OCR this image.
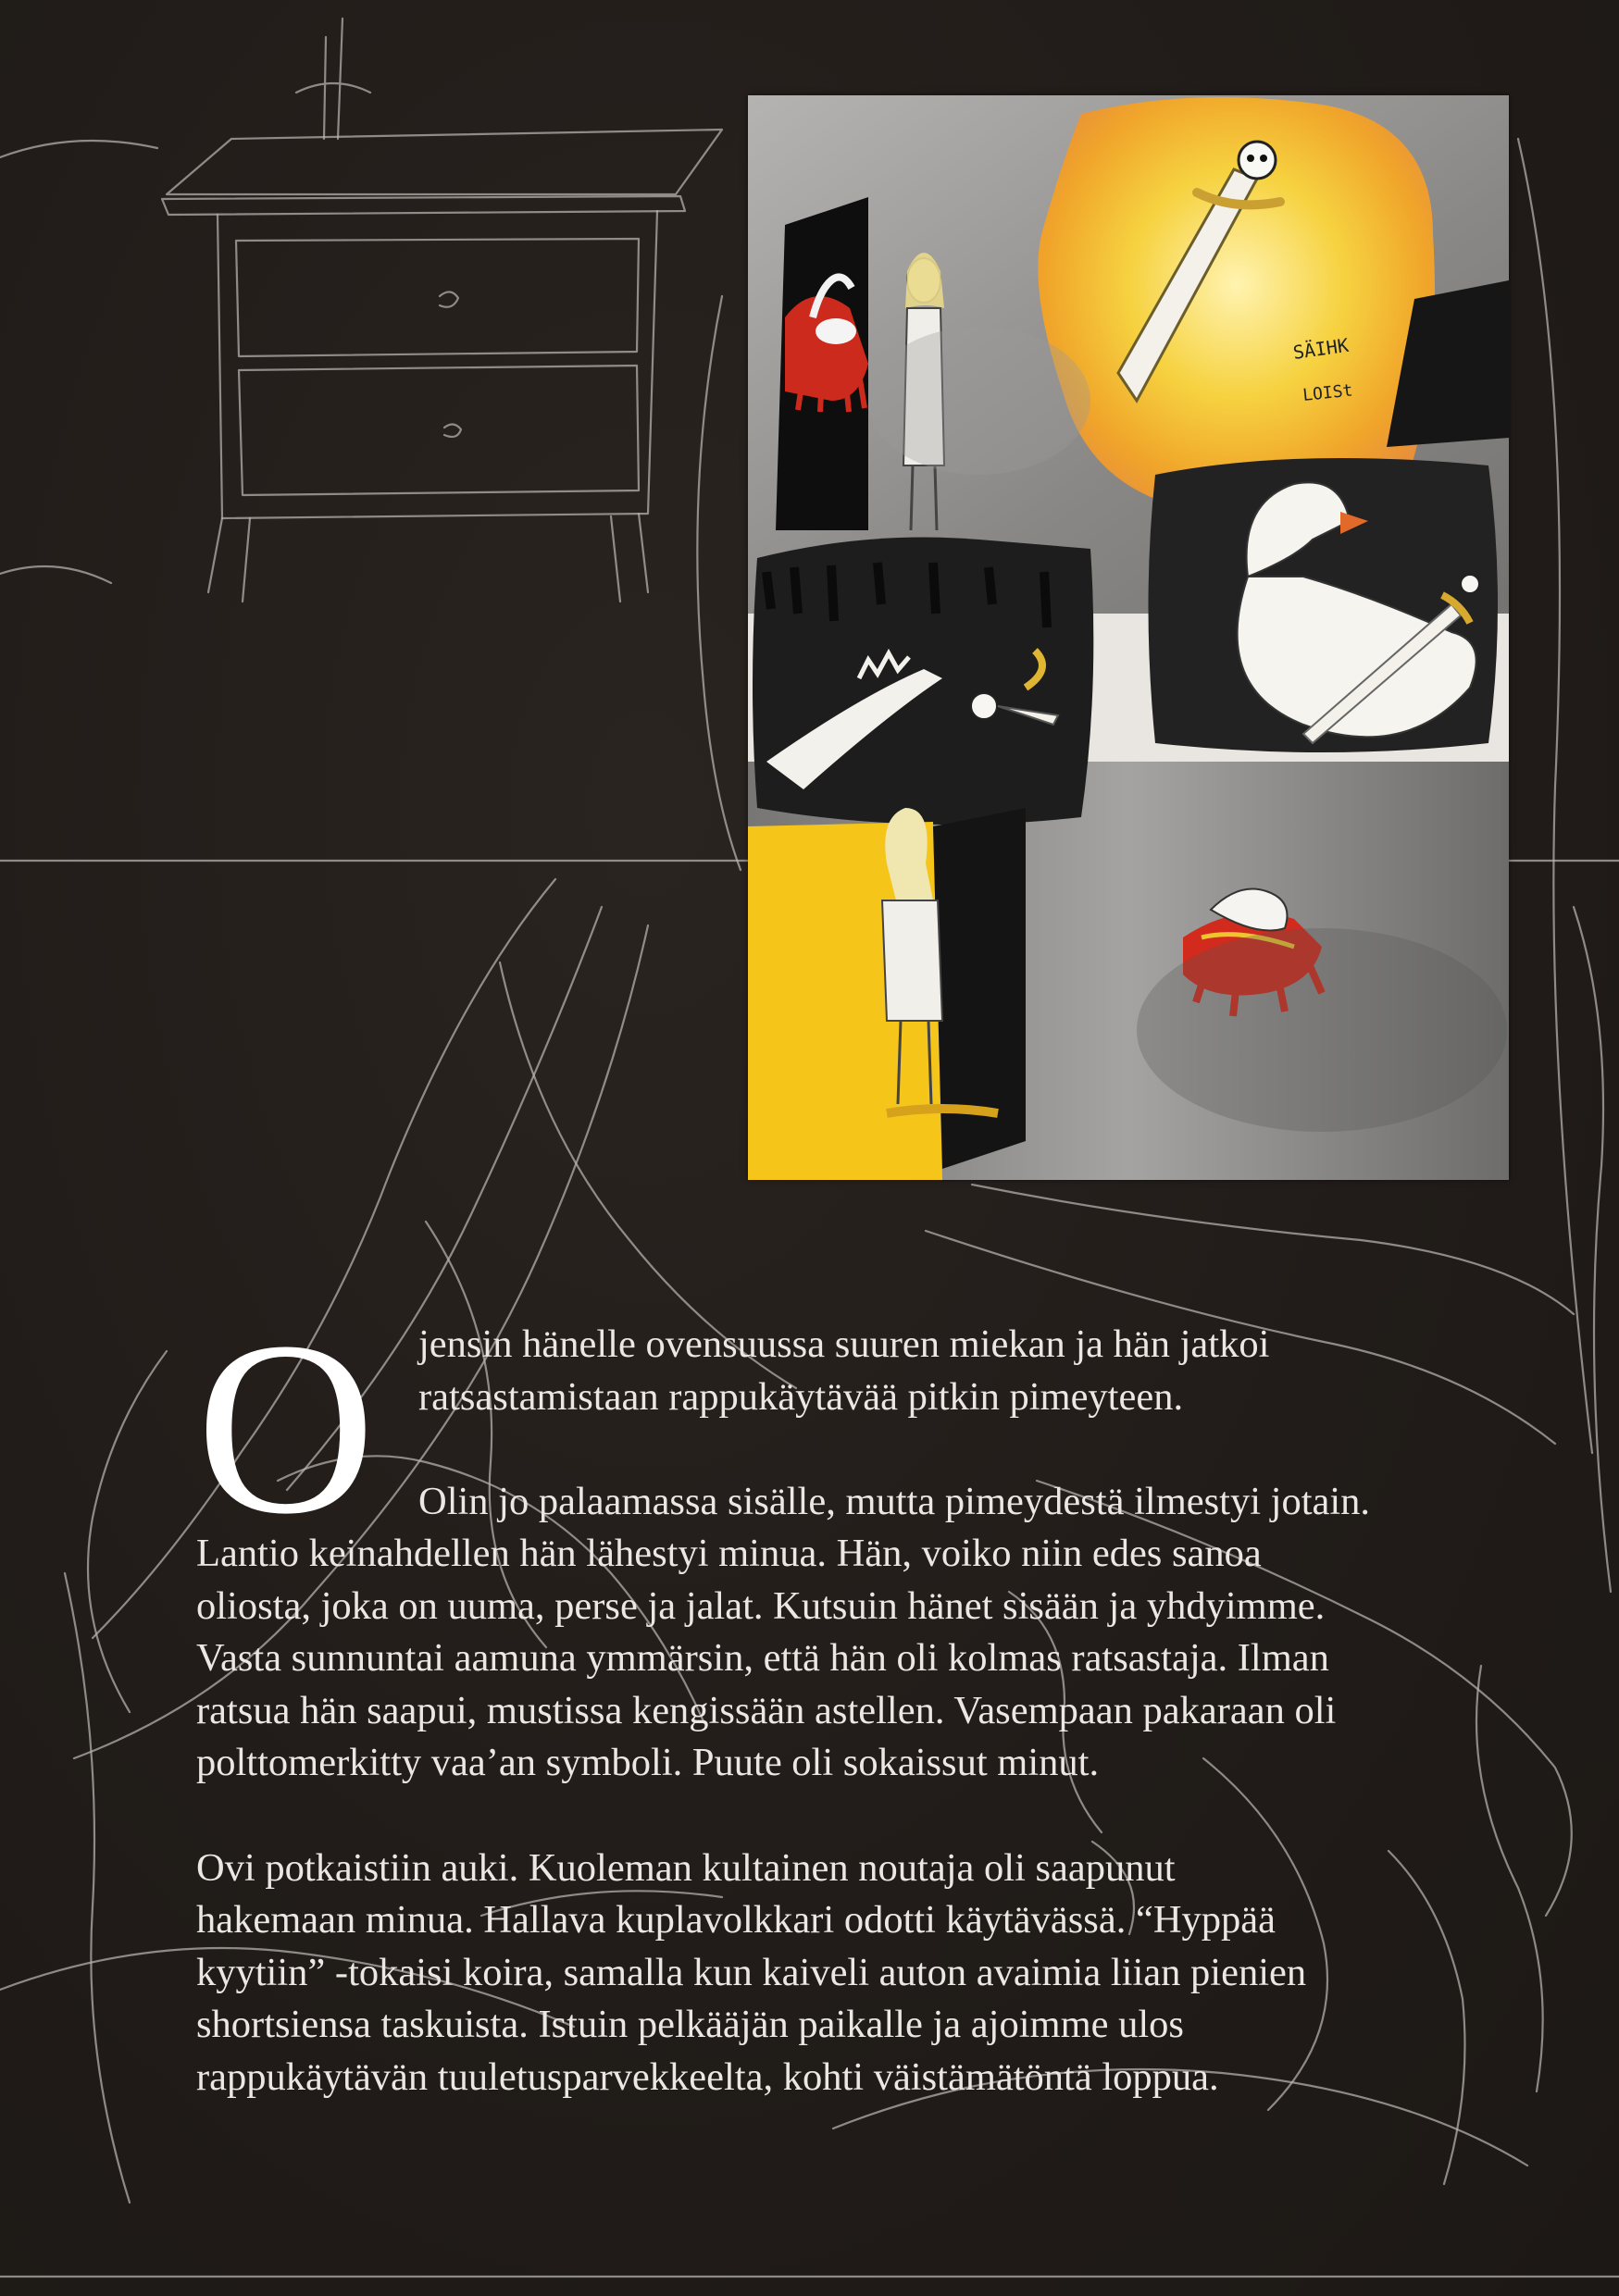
SÄIHK
LOISt
O jensin hänelle ovensuussa suuren miekan ja hän jatkoi
ratsastamistaan rappukäytävää pitkin pimeyteen.
Olin jo palaamassa sisälle, mutta pimeydestä ilmestyi jotain.
Lantio keinahdellen hän lähestyi minua. Hän, voiko niin edes sanoa
oliosta, joka on uuma, perse ja jalat. Kutsuin hänet sisään ja yhdyimme.
Vasta sunnuntai aamuna ymmärsin, että hän oli kolmas ratsastaja. Ilman
ratsua hän saapui, mustissa kengissään astellen. Vasempaan pakaraan oli
polttomerkitty vaa’an symboli. Puute oli sokaissut minut.
Ovi potkaistiin auki. Kuoleman kultainen noutaja oli saapunut
hakemaan minua. Hallava kuplavolkkari odotti käytävässä. “Hyppää
kyytiin” -tokaisi koira, samalla kun kaiveli auton avaimia liian pienien
shortsiensa taskuista. Istuin pelkääjän paikalle ja ajoimme ulos
rappukäytävän tuuletusparvekkeelta, kohti väistämätöntä loppua.
